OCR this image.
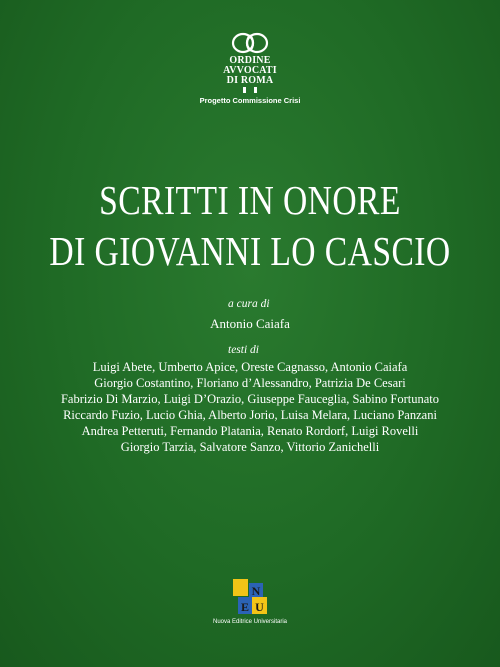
ORDINE
AVVOCATI
DI ROMA
Progetto Commissione Crisi
SCRITTI IN ONORE
DI GIOVANNI LO CASCIO
a cura di
Antonio Caiafa
testi di
Luigi Abete, Umberto Apice, Oreste Cagnasso, Antonio Caiafa
Giorgio Costantino, Floriano d’Alessandro, Patrizia De Cesari
Fabrizio Di Marzio, Luigi D’Orazio, Giuseppe Fauceglia, Sabino Fortunato
Riccardo Fuzio, Lucio Ghia, Alberto Jorio, Luisa Melara, Luciano Panzani
Andrea Petteruti, Fernando Platania, Renato Rordorf, Luigi Rovelli
Giorgio Tarzia, Salvatore Sanzo, Vittorio Zanichelli
N
E U
Nuova Editrice Universitaria
